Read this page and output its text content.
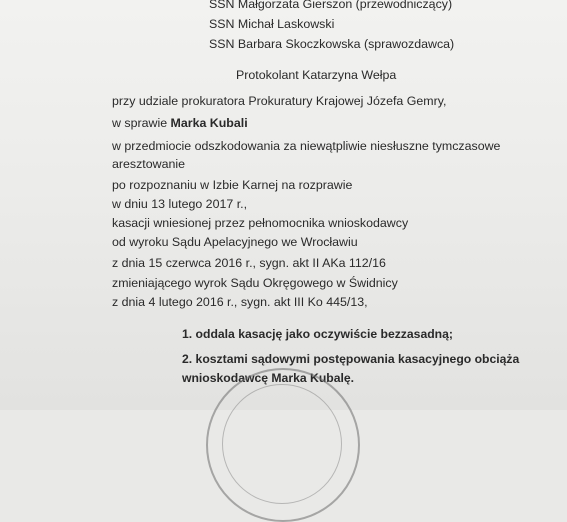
SSN Małgorzata Gierszon (przewodniczący)
SSN Michał Laskowski
SSN Barbara Skoczkowska (sprawozdawca)
Protokolant Katarzyna Wełpa
przy udziale prokuratora Prokuratury Krajowej Józefa Gemry,
w sprawie Marka Kubali
w przedmiocie odszkodowania za niewątpliwie niesłuszne tymczasowe
aresztowanie
po rozpoznaniu w Izbie Karnej na rozprawie
w dniu 13 lutego 2017 r.,
kasacji wniesionej przez pełnomocnika wnioskodawcy
od wyroku Sądu Apelacyjnego we Wrocławiu
z dnia 15 czerwca 2016 r., sygn. akt II AKa 112/16
zmieniającego wyrok Sądu Okręgowego w Świdnicy
z dnia 4 lutego 2016 r., sygn. akt III Ko 445/13,
1. oddala kasację jako oczywiście bezzasadną;
2. kosztami sądowymi postępowania kasacyjnego obciąża
wnioskodawcę Marka Kubalę.
